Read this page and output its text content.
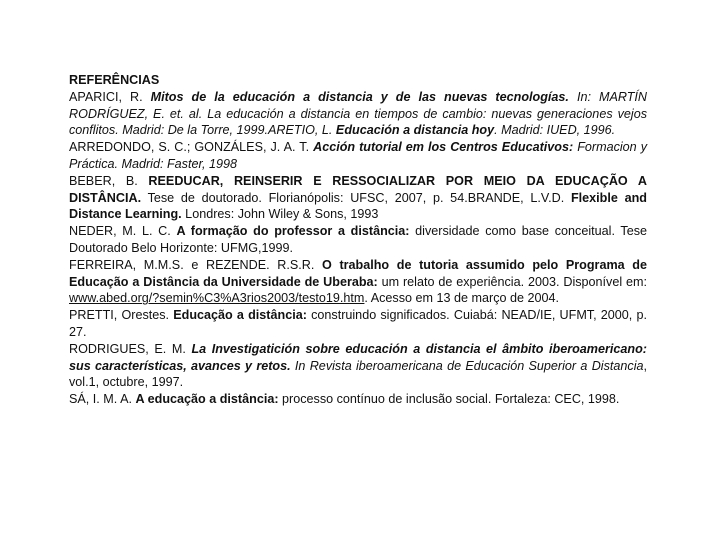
REFERÊNCIAS

APARICI, R. Mitos de la educación a distancia y de las nuevas tecnologías. In: MARTÍN RODRÍGUEZ, E. et. al. La educación a distancia en tiempos de cambio: nuevas generaciones vejos conflitos. Madrid: De la Torre, 1999.ARETIO, L. Educación a distancia hoy. Madrid: IUED, 1996.

ARREDONDO, S. C.; GONZÁLES, J. A. T. Acción tutorial em los Centros Educativos: Formacion y Práctica. Madrid: Faster, 1998

BEBER, B. REEDUCAR, REINSERIR E RESSOCIALIZAR POR MEIO DA EDUCAÇÃO A DISTÂNCIA. Tese de doutorado. Florianópolis: UFSC, 2007, p. 54.BRANDE, L.V.D. Flexible and Distance Learning. Londres: John Wiley & Sons, 1993

NEDER, M. L. C. A formação do professor a distância: diversidade como base conceitual. Tese Doutorado Belo Horizonte: UFMG,1999.

FERREIRA, M.M.S. e REZENDE. R.S.R. O trabalho de tutoria assumido pelo Programa de Educação a Distância da Universidade de Uberaba: um relato de experiência. 2003. Disponível em: www.abed.org/?semin%C3%A3rios2003/testo19.htm. Acesso em 13 de março de 2004.

PRETTI, Orestes. Educação a distância: construindo significados. Cuiabá: NEAD/IE, UFMT, 2000, p. 27.

RODRIGUES, E. M. La Investigatición sobre educación a distancia el âmbito iberoamericano: sus características, avances y retos. In Revista iberoamericana de Educación Superior a Distancia, vol.1, octubre, 1997.

SÁ, I. M. A. A educação a distância: processo contínuo de inclusão social. Fortaleza: CEC, 1998.
